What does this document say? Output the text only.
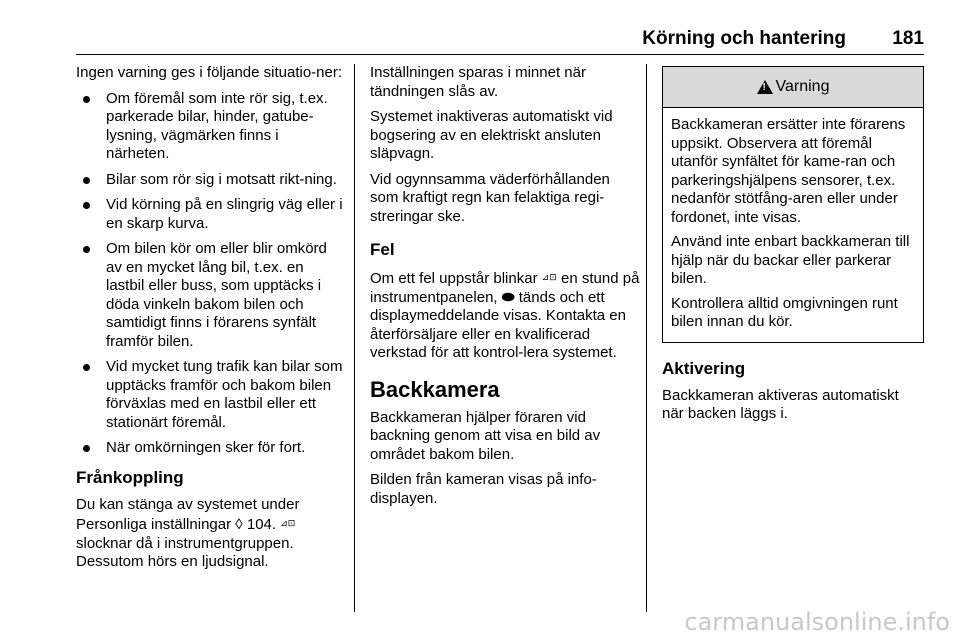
Körning och hantering 181

Ingen varning ges i följande situatio-ner:

Om föremål som inte rör sig, t.ex. parkerade bilar, hinder, gatube-lysning, vägmärken finns i närheten.
Bilar som rör sig i motsatt rikt-ning.
Vid körning på en slingrig väg eller i en skarp kurva.
Om bilen kör om eller blir omkörd av en mycket lång bil, t.ex. en lastbil eller buss, som upptäcks i döda vinkeln bakom bilen och samtidigt finns i förarens synfält framför bilen.
Vid mycket tung trafik kan bilar som upptäcks framför och bakom bilen förväxlas med en lastbil eller ett stationärt föremål.
När omkörningen sker för fort.
Frånkoppling

Du kan stänga av systemet under Personliga inställningar ◊ 104. ⊿⊡ slocknar då i instrumentgruppen. Dessutom hörs en ljudsignal.

Inställningen sparas i minnet när tändningen slås av.

Systemet inaktiveras automatiskt vid bogsering av en elektriskt ansluten släpvagn.

Vid ogynnsamma väderförhållanden som kraftigt regn kan felaktiga regi-streringar ske.

Fel

Om ett fel uppstår blinkar ⊿⊡ en stund på instrumentpanelen, ⬬ tänds och ett displaymeddelande visas. Kontakta en återförsäljare eller en kvalificerad verkstad för att kontrol-lera systemet.

Backkamera

Backkameran hjälper föraren vid backning genom att visa en bild av området bakom bilen.

Bilden från kameran visas på info-displayen.

!
Varning

Backkameran ersätter inte förarens uppsikt. Observera att föremål utanför synfältet för kame-ran och parkeringshjälpens sensorer, t.ex. nedanför stötfång-aren eller under fordonet, inte visas.

Använd inte enbart backkameran till hjälp när du backar eller parkerar bilen.

Kontrollera alltid omgivningen runt bilen innan du kör.

Aktivering

Backkameran aktiveras automatiskt när backen läggs i.

carmanualsonline.info
